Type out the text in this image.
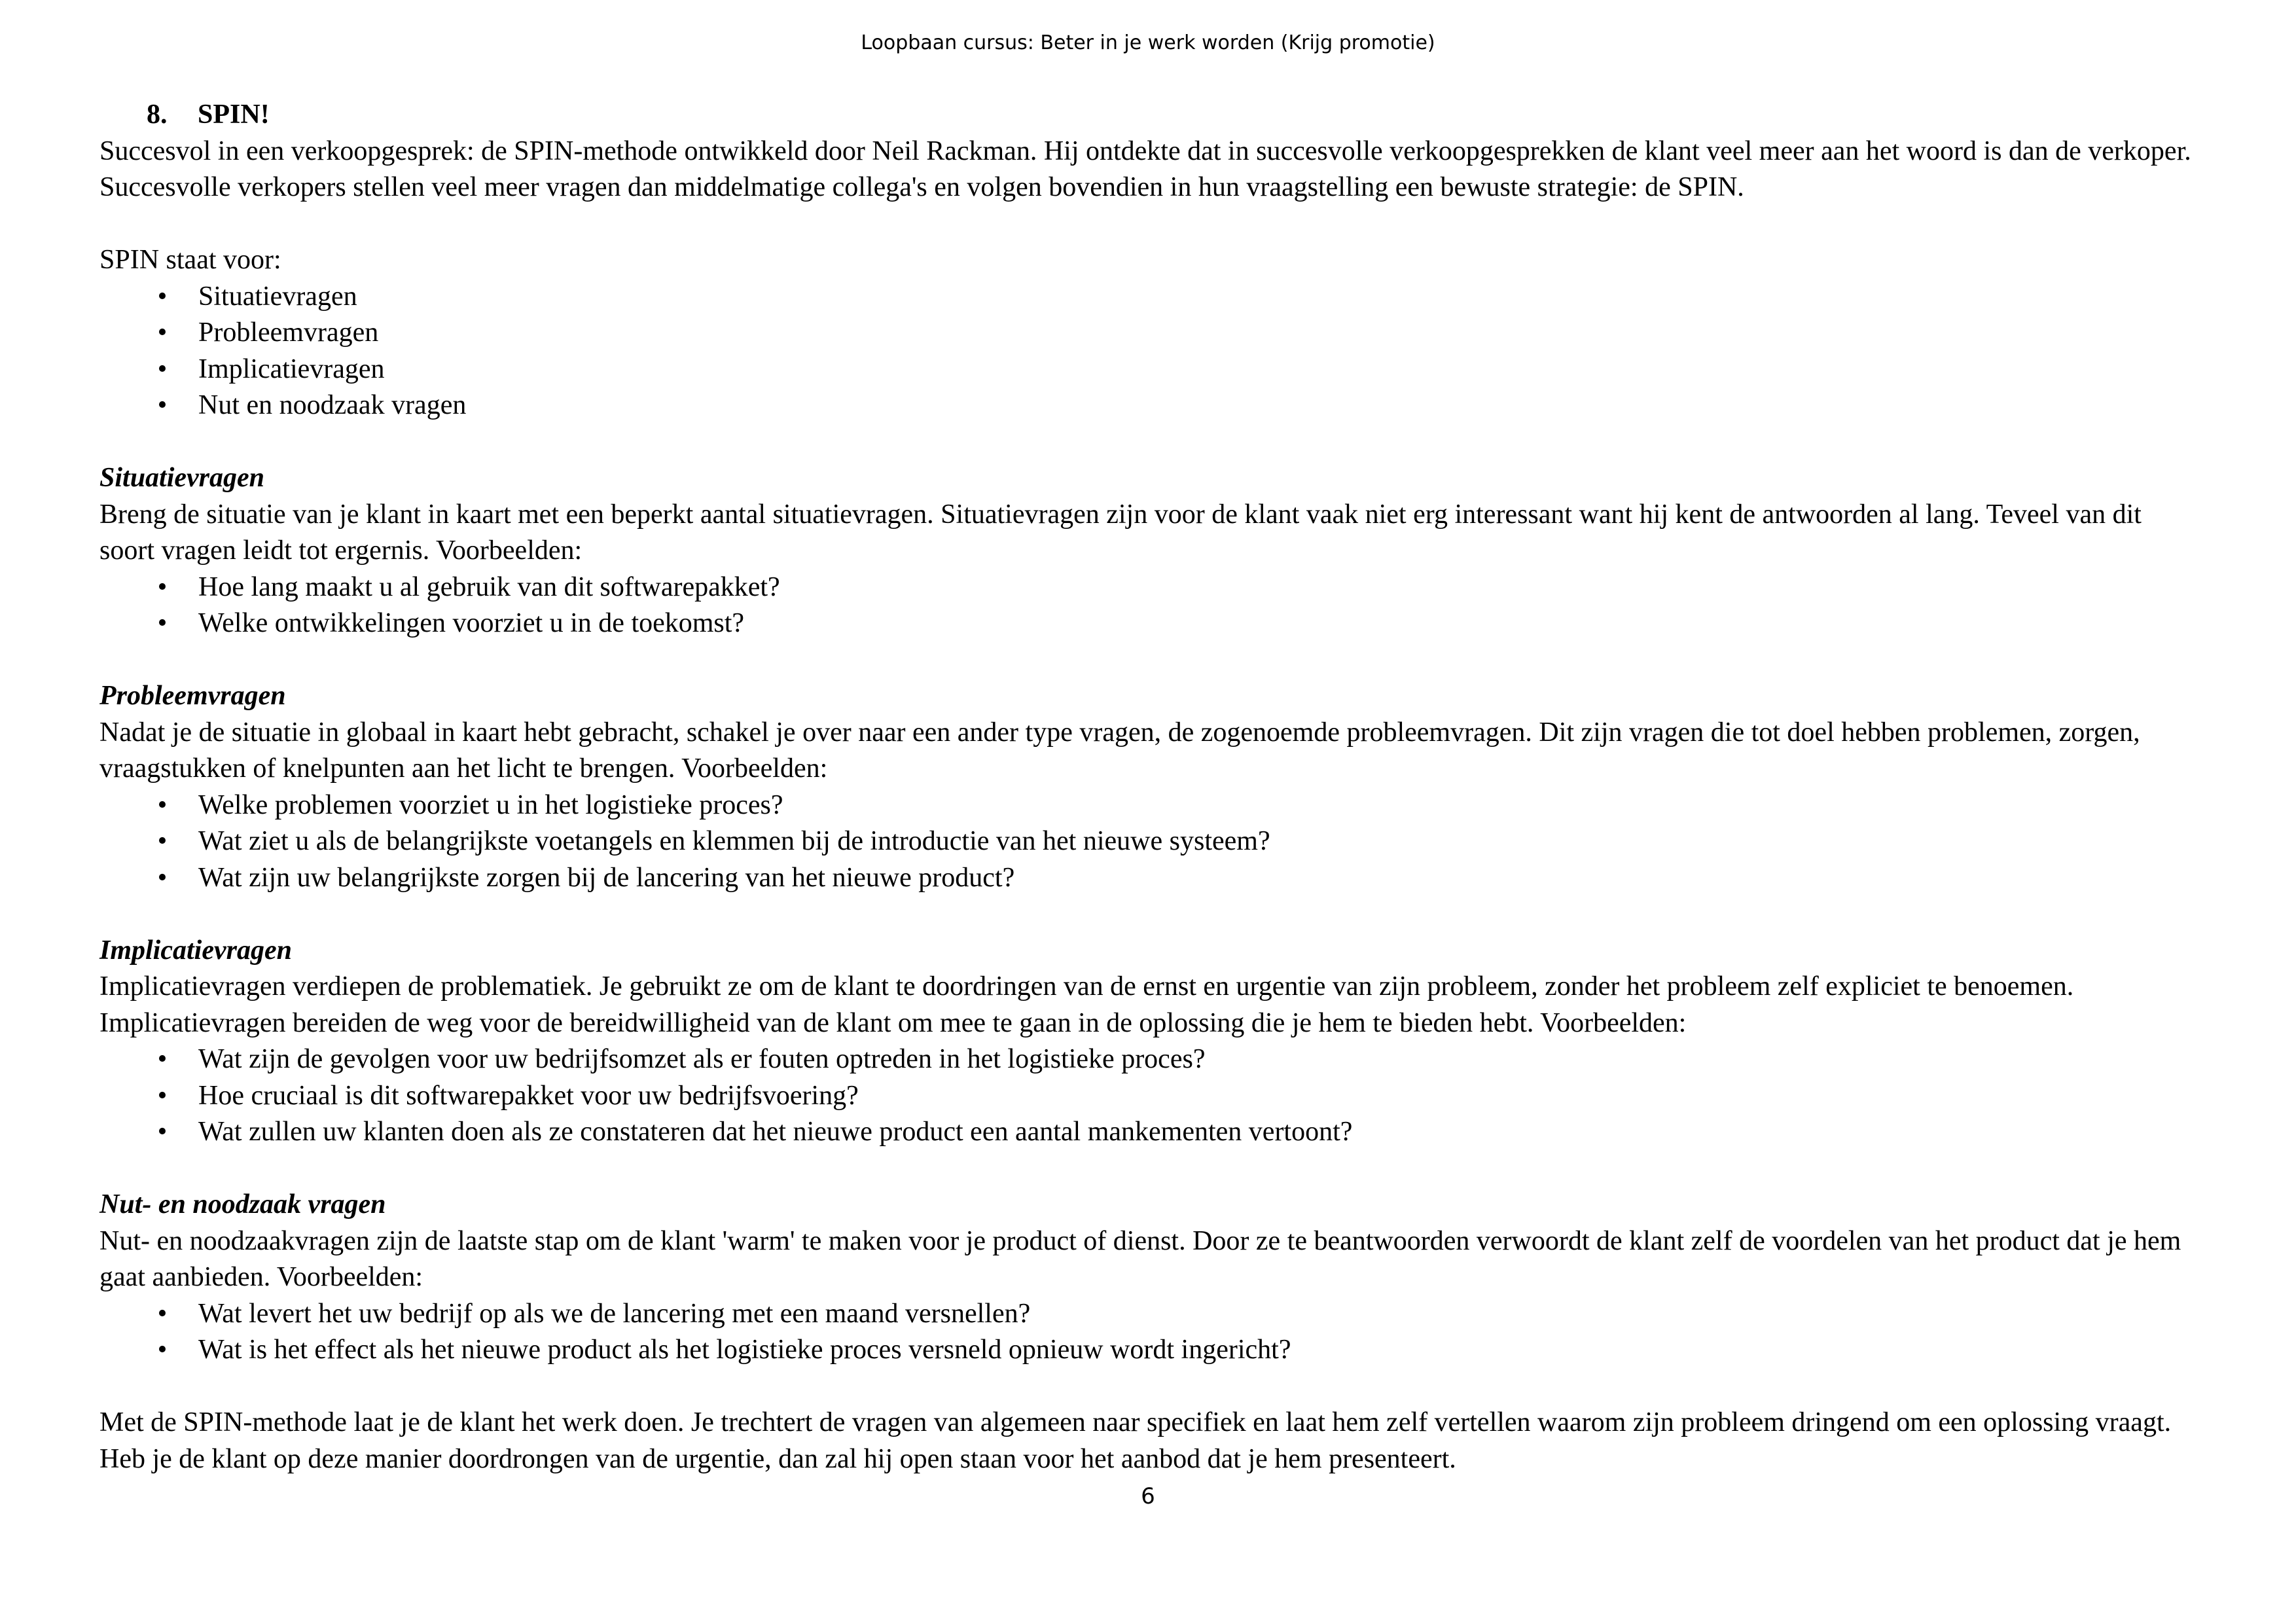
Loopbaan cursus: Beter in je werk worden (Krijg promotie)

8. SPIN!

Succesvol in een verkoopgesprek: de SPIN-methode ontwikkeld door Neil Rackman. Hij ontdekte dat in succesvolle verkoopgesprekken de klant veel meer aan het woord is dan de verkoper. Succesvolle verkopers stellen veel meer vragen dan middelmatige collega's en volgen bovendien in hun vraagstelling een bewuste strategie: de SPIN.

SPIN staat voor:

•	Situatievragen
•	Probleemvragen
•	Implicatievragen
•	Nut en noodzaak vragen
Situatievragen

Breng de situatie van je klant in kaart met een beperkt aantal situatievragen. Situatievragen zijn voor de klant vaak niet erg interessant want hij kent de antwoorden al lang. Teveel van dit soort vragen leidt tot ergernis. Voorbeelden:

•	Hoe lang maakt u al gebruik van dit softwarepakket?
•	Welke ontwikkelingen voorziet u in de toekomst?
Probleemvragen

Nadat je de situatie in globaal in kaart hebt gebracht, schakel je over naar een ander type vragen, de zogenoemde probleemvragen. Dit zijn vragen die tot doel hebben problemen, zorgen, vraagstukken of knelpunten aan het licht te brengen. Voorbeelden:

•	Welke problemen voorziet u in het logistieke proces?
•	Wat ziet u als de belangrijkste voetangels en klemmen bij de introductie van het nieuwe systeem?
•	Wat zijn uw belangrijkste zorgen bij de lancering van het nieuwe product?
Implicatievragen

Implicatievragen verdiepen de problematiek. Je gebruikt ze om de klant te doordringen van de ernst en urgentie van zijn probleem, zonder het probleem zelf expliciet te benoemen. Implicatievragen bereiden de weg voor de bereidwilligheid van de klant om mee te gaan in de oplossing die je hem te bieden hebt. Voorbeelden:

•	Wat zijn de gevolgen voor uw bedrijfsomzet als er fouten optreden in het logistieke proces?
•	Hoe cruciaal is dit softwarepakket voor uw bedrijfsvoering?
•	Wat zullen uw klanten doen als ze constateren dat het nieuwe product een aantal mankementen vertoont?
Nut- en noodzaak vragen

Nut- en noodzaakvragen zijn de laatste stap om de klant 'warm' te maken voor je product of dienst. Door ze te beantwoorden verwoordt de klant zelf de voordelen van het product dat je hem gaat aanbieden. Voorbeelden:

•	Wat levert het uw bedrijf op als we de lancering met een maand versnellen?
•	Wat is het effect als het nieuwe product als het logistieke proces versneld opnieuw wordt ingericht?

Met de SPIN-methode laat je de klant het werk doen. Je trechtert de vragen van algemeen naar specifiek en laat hem zelf vertellen waarom zijn probleem dringend om een oplossing vraagt. Heb je de klant op deze manier doordrongen van de urgentie, dan zal hij open staan voor het aanbod dat je hem presenteert.

6
